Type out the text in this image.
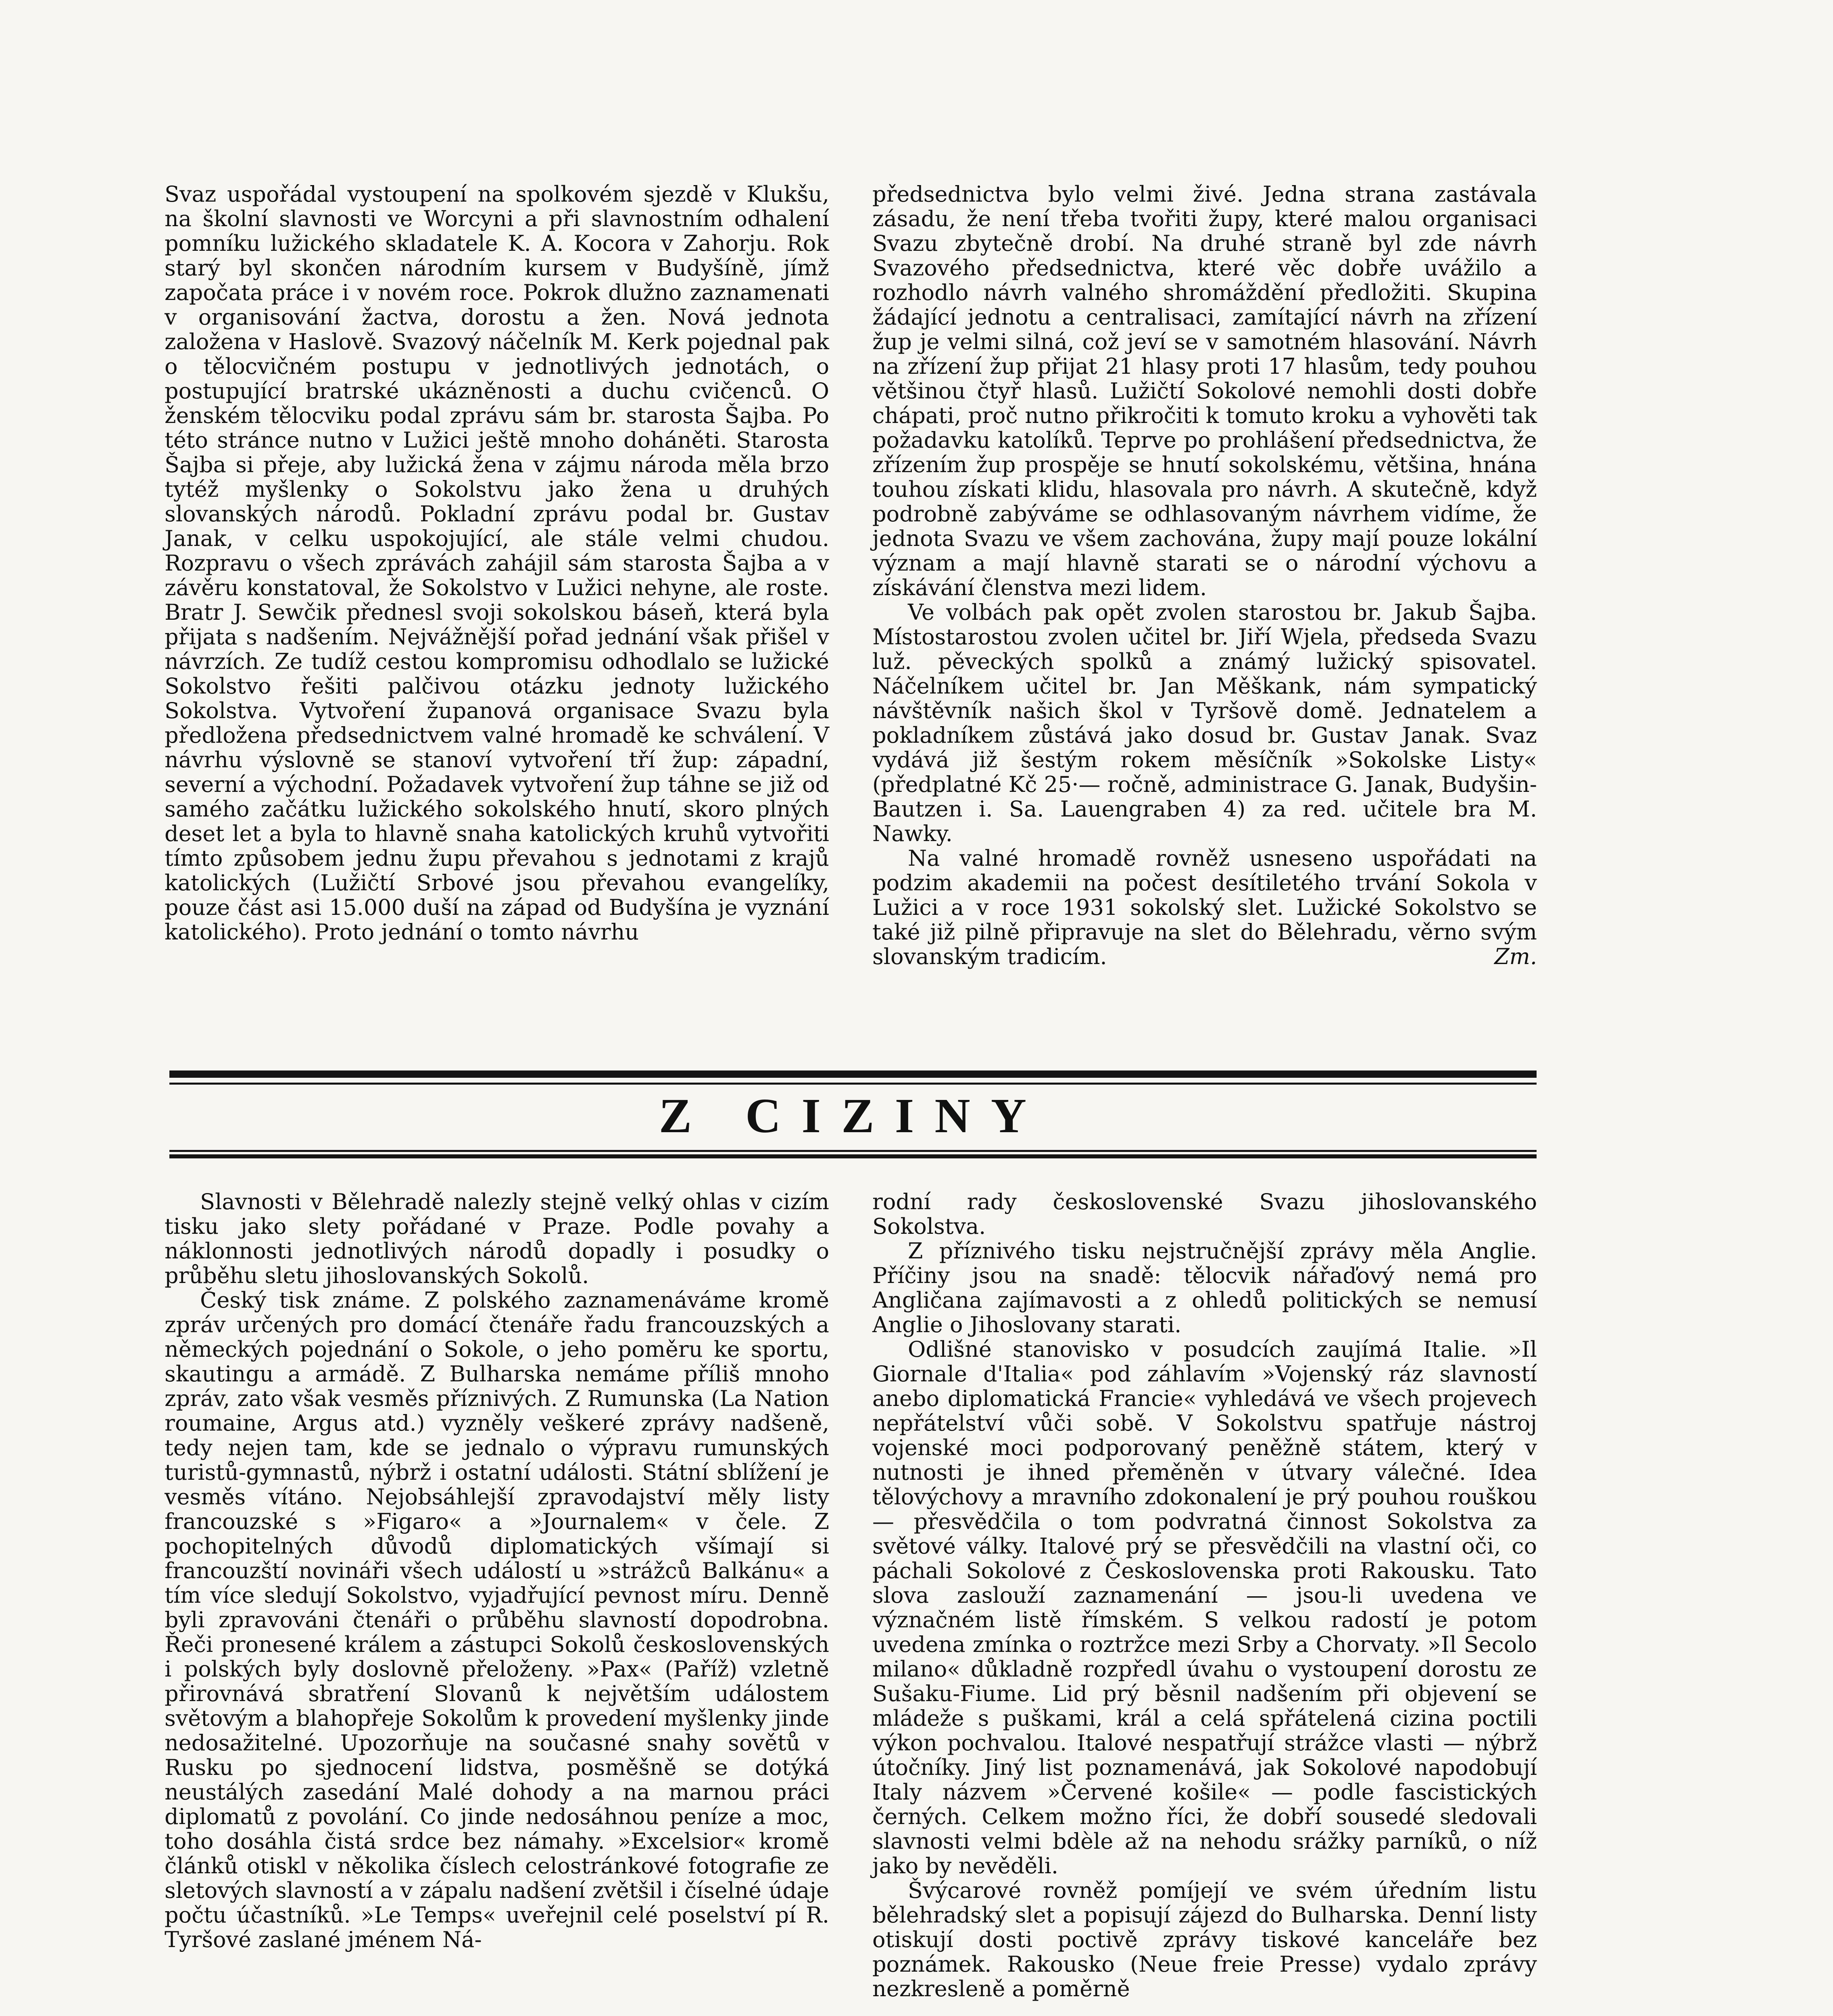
Svaz uspořádal vystoupení na spolkovém sjezdě v Klukšu, na školní slavnosti ve Worcyni a při slavnostním odhalení pomníku lužického skladatele K. A. Kocora v Zahorju. Rok starý byl skončen národním kursem v Budyšíně, jímž započata práce i v novém roce. Pokrok dlužno zaznamenati v organisování žactva, dorostu a žen. Nová jednota založena v Haslově. Svazový náčelník M. Kerk pojednal pak o tělocvičném postupu v jednotlivých jednotách, o postupující bratrské ukázněnosti a duchu cvičenců. O ženském tělocviku podal zprávu sám br. starosta Šajba. Po této stránce nutno v Lužici ještě mnoho doháněti. Starosta Šajba si přeje, aby lužická žena v zájmu národa měla brzo tytéž myšlenky o Sokolstvu jako žena u druhých slovanských národů. Pokladní zprávu podal br. Gustav Janak, v celku uspokojující, ale stále velmi chudou. Rozpravu o všech zprávách zahájil sám starosta Šajba a v závěru konstatoval, že Sokolstvo v Lužici nehyne, ale roste. Bratr J. Sewčik přednesl svoji sokolskou báseň, která byla přijata s nadšením. Nejvážnější pořad jednání však přišel v návrzích. Ze tudíž cestou kompromisu odhodlalo se lužické Sokolstvo řešiti palčivou otázku jednoty lužického Sokolstva. Vytvoření županová organisace Svazu byla předložena předsednictvem valné hromadě ke schválení. V návrhu výslovně se stanoví vytvoření tří žup: západní, severní a východní. Požadavek vytvoření žup táhne se již od samého začátku lužického sokolského hnutí, skoro plných deset let a byla to hlavně snaha katolických kruhů vytvořiti tímto způsobem jednu župu převahou s jednotami z krajů katolických (Lužičtí Srbové jsou převahou evangelíky, pouze část asi 15.000 duší na západ od Budyšína je vyznání katolického). Proto jednání o tomto návrhu

předsednictva bylo velmi živé. Jedna strana zastávala zásadu, že není třeba tvořiti župy, které malou organisaci Svazu zbytečně drobí. Na druhé straně byl zde návrh Svazového předsednictva, které věc dobře uvážilo a rozhodlo návrh valného shromáždění předložiti. Skupina žádající jednotu a centralisaci, zamítající návrh na zřízení žup je velmi silná, což jeví se v samotném hlasování. Návrh na zřízení žup přijat 21 hlasy proti 17 hlasům, tedy pouhou většinou čtyř hlasů. Lužičtí Sokolové nemohli dosti dobře chápati, proč nutno přikročiti k tomuto kroku a vyhověti tak požadavku katolíků. Teprve po prohlášení předsednictva, že zřízením žup prospěje se hnutí sokolskému, většina, hnána touhou získati klidu, hlasovala pro návrh. A skutečně, když podrobně zabýváme se odhlasovaným návrhem vidíme, že jednota Svazu ve všem zachována, župy mají pouze lokální význam a mají hlavně starati se o národní výchovu a získávání členstva mezi lidem.

Ve volbách pak opět zvolen starostou br. Jakub Šajba. Místostarostou zvolen učitel br. Jiří Wjela, předseda Svazu luž. pěveckých spolků a známý lužický spisovatel. Náčelníkem učitel br. Jan Měškank, nám sympatický návštěvník našich škol v Tyršově domě. Jednatelem a pokladníkem zůstává jako dosud br. Gustav Janak. Svaz vydává již šestým rokem měsíčník »Sokolske Listy« (předplatné Kč 25·— ročně, administrace G. Janak, Budyšin-Bautzen i. Sa. Lauengraben 4) za red. učitele bra M. Nawky.

Na valné hromadě rovněž usneseno uspořádati na podzim akademii na počest desítiletého trvání Sokola v Lužici a v roce 1931 sokolský slet. Lužické Sokolstvo se také již pilně připravuje na slet do Bělehradu, věrno svým slovanským tradicím.	Zm.

Z CIZINY

Slavnosti v Bělehradě nalezly stejně velký ohlas v cizím tisku jako slety pořádané v Praze. Podle povahy a náklonnosti jednotlivých národů dopadly i posudky o průběhu sletu jihoslovanských Sokolů.

Český tisk známe. Z polského zaznamenáváme kromě zpráv určených pro domácí čtenáře řadu francouzských a německých pojednání o Sokole, o jeho poměru ke sportu, skautingu a armádě. Z Bulharska nemáme příliš mnoho zpráv, zato však vesměs příznivých. Z Rumunska (La Nation roumaine, Argus atd.) vyzněly veškeré zprávy nadšeně, tedy nejen tam, kde se jednalo o výpravu rumunských turistů-gymnastů, nýbrž i ostatní události. Státní sblížení je vesměs vítáno. Nejobsáhlejší zpravodajství měly listy francouzské s »Figaro« a »Journalem« v čele. Z pochopitelných důvodů diplomatických všímají si francouzští novináři všech událostí u »strážců Balkánu« a tím více sledují Sokolstvo, vyjadřující pevnost míru. Denně byli zpravováni čtenáři o průběhu slavností dopodrobna. Řeči pronesené králem a zástupci Sokolů československých i polských byly doslovně přeloženy. »Pax« (Paříž) vzletně přirovnává sbratření Slovanů k největším událostem světovým a blahopřeje Sokolům k provedení myšlenky jinde nedosažitelné. Upozorňuje na současné snahy sovětů v Rusku po sjednocení lidstva, posměšně se dotýká neustálých zasedání Malé dohody a na marnou práci diplomatů z povolání. Co jinde nedosáhnou peníze a moc, toho dosáhla čistá srdce bez námahy. »Excelsior« kromě článků otiskl v několika číslech celostránkové fotografie ze sletových slavností a v zápalu nadšení zvětšil i číselné údaje počtu účastníků. »Le Temps« uveřejnil celé poselství pí R. Tyršové zaslané jménem Ná-

rodní rady československé Svazu jihoslovanského Sokolstva.

Z příznivého tisku nejstručnější zprávy měla Anglie. Příčiny jsou na snadě: tělocvik nářaďový nemá pro Angličana zajímavosti a z ohledů politických se nemusí Anglie o Jihoslovany starati.

Odlišné stanovisko v posudcích zaujímá Italie. »Il Giornale d'Italia« pod záhlavím »Vojenský ráz slavností anebo diplomatická Francie« vyhledává ve všech projevech nepřátelství vůči sobě. V Sokolstvu spatřuje nástroj vojenské moci podporovaný peněžně státem, který v nutnosti je ihned přeměněn v útvary válečné. Idea tělovýchovy a mravního zdokonalení je prý pouhou rouškou — přesvědčila o tom podvratná činnost Sokolstva za světové války. Italové prý se přesvědčili na vlastní oči, co páchali Sokolové z Československa proti Rakousku. Tato slova zaslouží zaznamenání — jsou-li uvedena ve význačném listě římském. S velkou radostí je potom uvedena zmínka o roztržce mezi Srby a Chorvaty. »Il Secolo milano« důkladně rozpředl úvahu o vystoupení dorostu ze Sušaku-Fiume. Lid prý běsnil nadšením při objevení se mládeže s puškami, král a celá spřátelená cizina poctili výkon pochvalou. Italové nespatřují strážce vlasti — nýbrž útočníky. Jiný list poznamenává, jak Sokolové napodobují Italy názvem »Červené košile« — podle fascistických černých. Celkem možno říci, že dobří sousedé sledovali slavnosti velmi bdèle až na nehodu srážky parníků, o níž jako by nevěděli.

Švýcarové rovněž pomíjejí ve svém úředním listu bělehradský slet a popisují zájezd do Bulharska. Denní listy otiskují dosti poctivě zprávy tiskové kanceláře bez poznámek. Rakousko (Neue freie Presse) vydalo zprávy nezkresleně a poměrně
